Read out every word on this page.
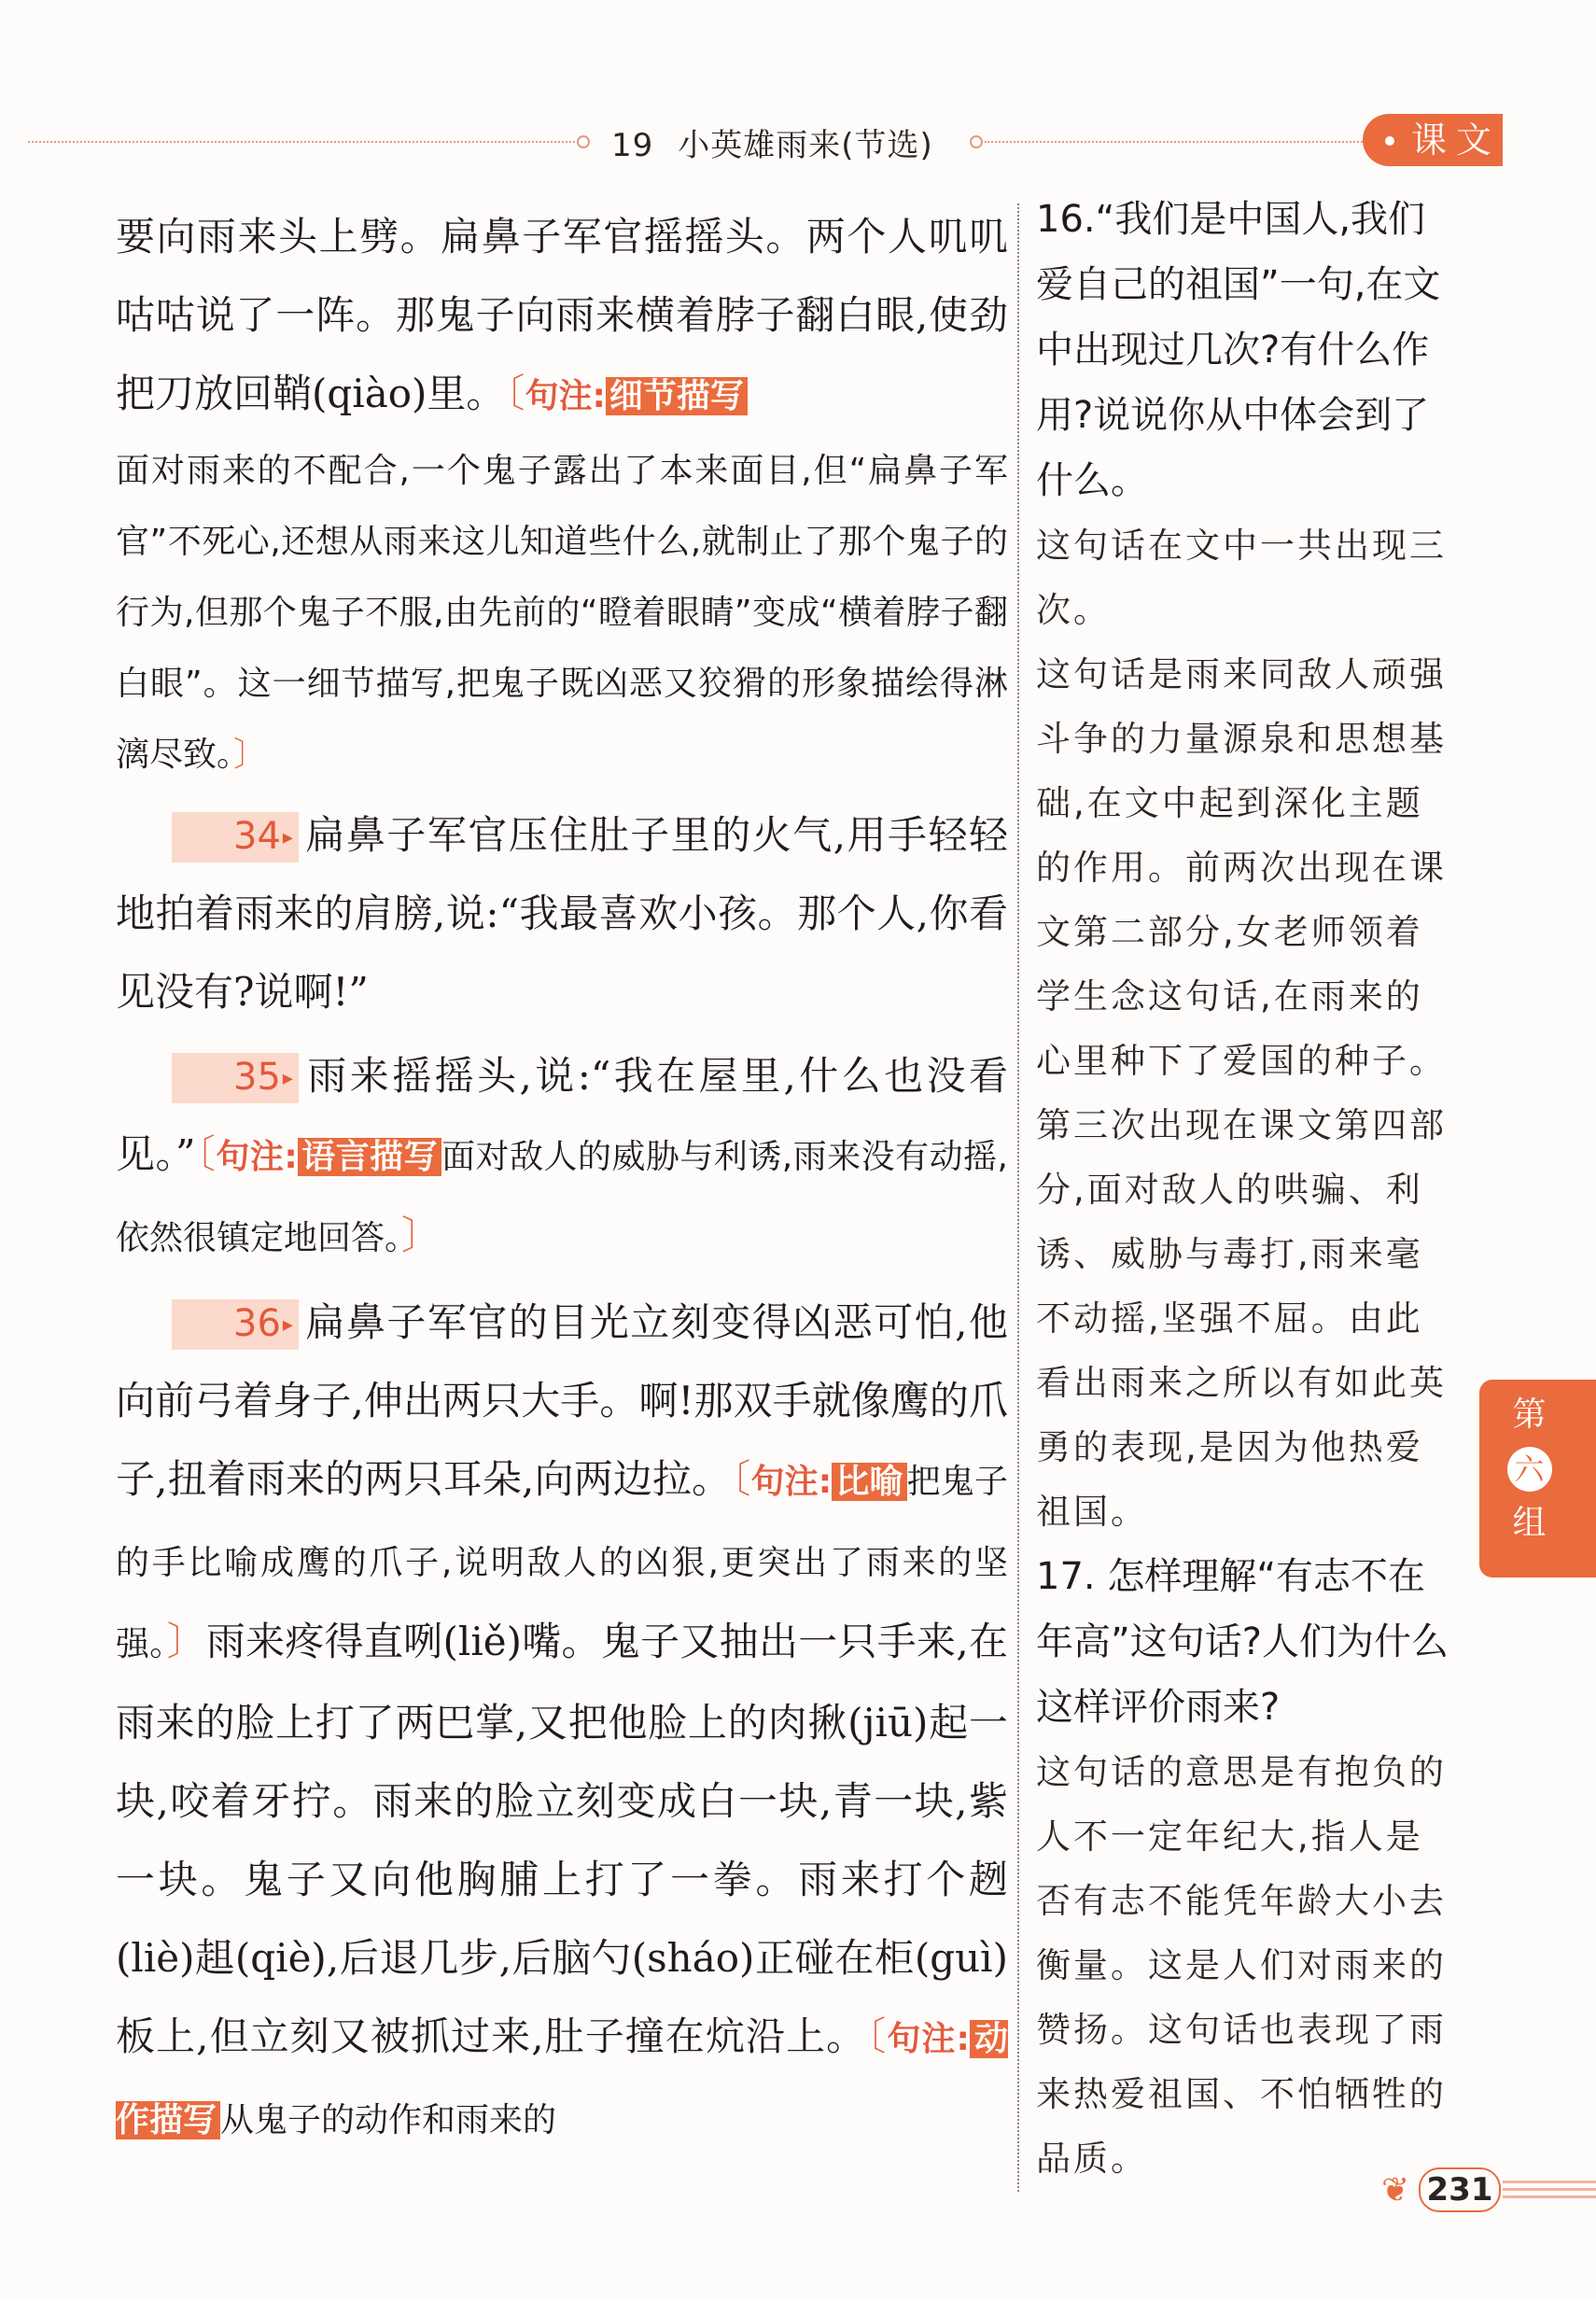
19 小英雄雨来(节选)	课文

要向雨来头上劈。扁鼻子军官摇摇头。两个人叽叽咕咕说了一阵。那鬼子向雨来横着脖子翻白眼,使劲把刀放回鞘(qiào)里。〔句注: 细节描写

面对雨来的不配合,一个鬼子露出了本来面目,但“扁鼻子军官”不死心,还想从雨来这儿知道些什么,就制止了那个鬼子的行为,但那个鬼子不服,由先前的“瞪着眼睛”变成“横着脖子翻白眼”。这一细节描写,把鬼子既凶恶又狡猾的形象描绘得淋漓尽致。〕

34 ▸ 扁鼻子军官压住肚子里的火气,用手轻轻地拍着雨来的肩膀,说:“我最喜欢小孩。那个人,你看见没有?说啊!”

35 ▸ 雨来摇摇头,说:“我在屋里,什么也没看见。”〔句注: 语言描写 面对敌人的威胁与利诱,雨来没有动摇,依然很镇定地回答。〕

36 ▸ 扁鼻子军官的目光立刻变得凶恶可怕,他向前弓着身子,伸出两只大手。啊!那双手就像鹰的爪子,扭着雨来的两只耳朵,向两边拉。〔句注: 比喻 把鬼子的手比喻成鹰的爪子,说明敌人的凶狠,更突出了雨来的坚强。〕雨来疼得直咧(liě)嘴。鬼子又抽出一只手来,在雨来的脸上打了两巴掌,又把他脸上的肉揪(jiū)起一块,咬着牙拧。雨来的脸立刻变成白一块,青一块,紫一块。鬼子又向他胸脯上打了一拳。雨来打个趔(liè)趄(qiè),后退几步,后脑勺(sháo)正碰在柜(guì)板上,但立刻又被抓过来,肚子撞在炕沿上。〔句注: 动作描写 从鬼子的动作和雨来的

16.“我们是中国人,我们爱自己的祖国”一句,在文中出现过几次?有什么作用?说说你从中体会到了什么。

这句话在文中一共出现三次。

这句话是雨来同敌人顽强斗争的力量源泉和思想基础,在文中起到深化主题的作用。前两次出现在课文第二部分,女老师领着学生念这句话,在雨来的心里种下了爱国的种子。第三次出现在课文第四部分,面对敌人的哄骗、利诱、威胁与毒打,雨来毫不动摇,坚强不屈。由此看出雨来之所以有如此英勇的表现,是因为他热爱祖国。

17. 怎样理解“有志不在年高”这句话?人们为什么这样评价雨来?

这句话的意思是有抱负的人不一定年纪大,指人是否有志不能凭年龄大小去衡量。这是人们对雨来的赞扬。这句话也表现了雨来热爱祖国、不怕牺牲的品质。

第
六
组
❦ 231
